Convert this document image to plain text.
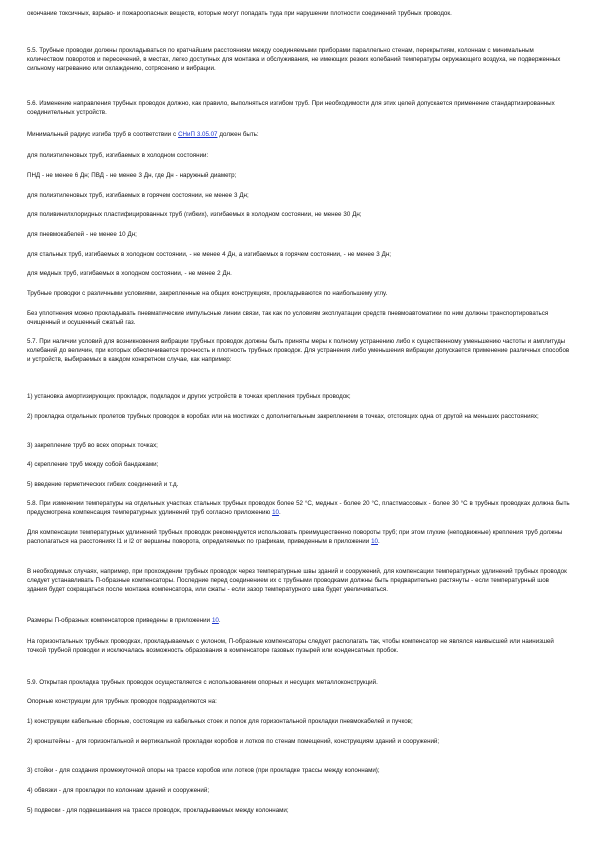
окончание токсичных, взрыво- и пожароопасных веществ, которые могут попадать туда при нарушении плотности соединений трубных проводок.

5.5. Трубные проводки должны прокладываться по кратчайшим расстояниям между соединяемыми приборами параллельно стенам, перекрытиям, колоннам с минимальным количеством поворотов и пересечений, в местах, легко доступных для монтажа и обслуживания, не имеющих резких колебаний температуры окружающего воздуха, не подверженных сильному нагреванию или охлаждению, сотрясению и вибрации.

5.6. Изменение направления трубных проводок должно, как правило, выполняться изгибом труб. При необходимости для этих целей допускается применение стандартизированных соединительных устройств.

Минимальный радиус изгиба труб в соответствии с СНиП 3.05.07 должен быть:

для полиэтиленовых труб, изгибаемых в холодном состоянии:

ПНД - не менее 6 Дн; ПВД - не менее 3 Дн, где Дн - наружный диаметр;

для полиэтиленовых труб, изгибаемых в горячем состоянии, не менее 3 Дн;

для поливинилхлоридных пластифицированных труб (гибких), изгибаемых в холодном состоянии, не менее 30 Дн;

для пневмокабелей - не менее 10 Дн;

для стальных труб, изгибаемых в холодном состоянии, - не менее 4 Дн, а изгибаемых в горячем состоянии, - не менее 3 Дн;

для медных труб, изгибаемых в холодном состоянии, - не менее 2 Дн.

Трубные проводки с различными условиями, закрепленные на общих конструкциях, прокладываются по наибольшему углу.

Без уплотнения можно прокладывать пневматические импульсные линии связи, так как по условиям эксплуатации средств пневмоавтоматики по ним должны транспортироваться очищенный и осушенный сжатый газ.

5.7. При наличии условий для возникновения вибрации трубных проводок должны быть приняты меры к полному устранению либо к существенному уменьшению частоты и амплитуды колебаний до величин, при которых обеспечивается прочность и плотность трубных проводок. Для устранения либо уменьшения вибрации допускается применение различных способов и устройств, выбираемых в каждом конкретном случае, как например:

1) установка амортизирующих прокладок, подкладок и других устройств в точках крепления трубных проводок;

2) прокладка отдельных пролетов трубных проводок в коробах или на мостиках с дополнительным закреплением в точках, отстоящих одна от другой на меньших расстояниях;

3) закрепление труб во всех опорных точках;

4) скрепление труб между собой бандажами;

5) введение герметических гибких соединений и т.д.

5.8. При изменении температуры на отдельных участках стальных трубных проводок более 52 °С, медных - более 20 °С, пластмассовых - более 30 °С в трубных проводках должна быть предусмотрена компенсация температурных удлинений труб согласно приложению 10.

Для компенсации температурных удлинений трубных проводок рекомендуется использовать преимущественно повороты труб; при этом глухие (неподвижные) крепления труб должны располагаться на расстояниях l1 и l2 от вершины поворота, определяемых по графикам, приведенным в приложении 10.

В необходимых случаях, например, при прохождении трубных проводок через температурные швы зданий и сооружений, для компенсации температурных удлинений трубных проводок следует устанавливать П-образные компенсаторы. Последние перед соединением их с трубными проводками должны быть предварительно растянуты - если температурный шов здания будет сокращаться после монтажа компенсатора, или сжаты - если зазор температурного шва будет увеличиваться.

Размеры П-образных компенсаторов приведены в приложении 10.

На горизонтальных трубных проводках, прокладываемых с уклоном, П-образные компенсаторы следует располагать так, чтобы компенсатор не являлся наивысшей или наинизшей точкой трубной проводки и исключалась возможность образования в компенсаторе газовых пузырей или конденсатных пробок.

5.9. Открытая прокладка трубных проводок осуществляется с использованием опорных и несущих металлоконструкций.

Опорные конструкции для трубных проводок подразделяются на:

1) конструкции кабельные сборные, состоящие из кабельных стоек и полок для горизонтальной прокладки пневмокабелей и пучков;

2) кронштейны - для горизонтальной и вертикальной прокладки коробов и лотков по стенам помещений, конструкциям зданий и сооружений;

3) стойки - для создания промежуточной опоры на трассе коробов или лотков (при прокладке трассы между колоннами);

4) обвязки - для прокладки по колоннам зданий и сооружений;

5) подвески - для подвешивания на трассе проводок, прокладываемых между колоннами;
